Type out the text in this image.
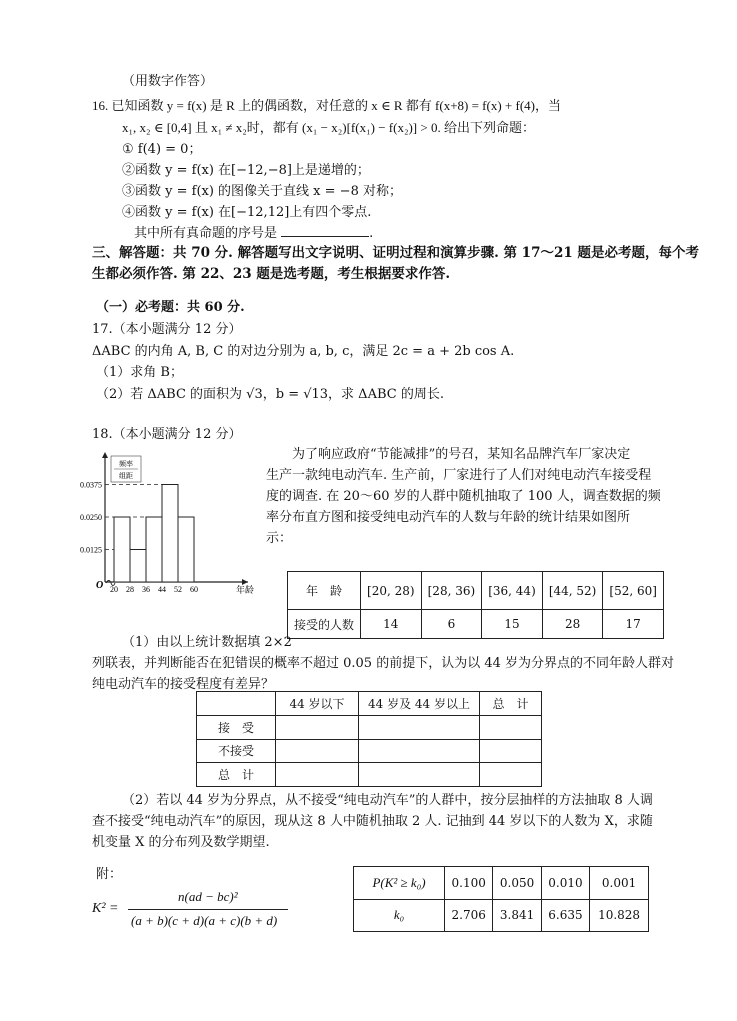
（用数字作答）
16. 已知函数 y = f(x) 是 R 上的偶函数，对任意的 x ∈ R 都有 f(x+8) = f(x) + f(4)，当
x₁, x₂ ∈ [0,4] 且 x₁ ≠ x₂时，都有 (x₁ − x₂)[f(x₁) − f(x₂)] > 0. 给出下列命题：
① f(4) = 0；
②函数 y = f(x) 在[−12,−8]上是递增的；
③函数 y = f(x) 的图像关于直线 x = −8 对称；
④函数 y = f(x) 在[−12,12]上有四个零点.
其中所有真命题的序号是	.
三、解答题：共 70 分. 解答题写出文字说明、证明过程和演算步骤. 第 17～21 题是必考题，每个考
生都必须作答. 第 22、23 题是选考题，考生根据要求作答.
（一）必考题：共 60 分.
17.（本小题满分 12 分）
ΔABC 的内角 A, B, C 的对边分别为 a, b, c，满足 2c = a + 2b cos A.
（1）求角 B；
（2）若 ΔABC 的面积为 √3，b = √13，求 ΔABC 的周长.
18.（本小题满分 12 分）
为了响应政府“节能减排”的号召，某知名品牌汽车厂家决定
生产一款纯电动汽车. 生产前，厂家进行了人们对纯电动汽车接受程
度的调查. 在 20～60 岁的人群中随机抽取了 100 人，调查数据的频
率分布直方图和接受纯电动汽车的人数与年龄的统计结果如图所
示：
频率
组距
0.0375
0.0250
0.0125
20 28 36 44 52 60
O	年龄	年　龄	[20, 28)	[28, 36)	[36, 44)	[44, 52)	[52, 60]
接受的人数	14	6	15	28	17
（1）由以上统计数据填 2×2
列联表，并判断能否在犯错误的概率不超过 0.05 的前提下，认为以 44 岁为分界点的不同年龄人群对
纯电动汽车的接受程度有差异？
	44 岁以下	44 岁及 44 岁以上	总　计
接　受			
不接受			
总　计			
（2）若以 44 岁为分界点，从不接受“纯电动汽车”的人群中，按分层抽样的方法抽取 8 人调
查不接受“纯电动汽车”的原因，现从这 8 人中随机抽取 2 人. 记抽到 44 岁以下的人数为 X，求随
机变量 X 的分布列及数学期望.
附：
K² =
n(ad − bc)²
(a + b)(c + d)(a + c)(b + d)
P(K² ≥ k₀)	0.100	0.050	0.010	0.001
k₀	2.706	3.841	6.635	10.828
